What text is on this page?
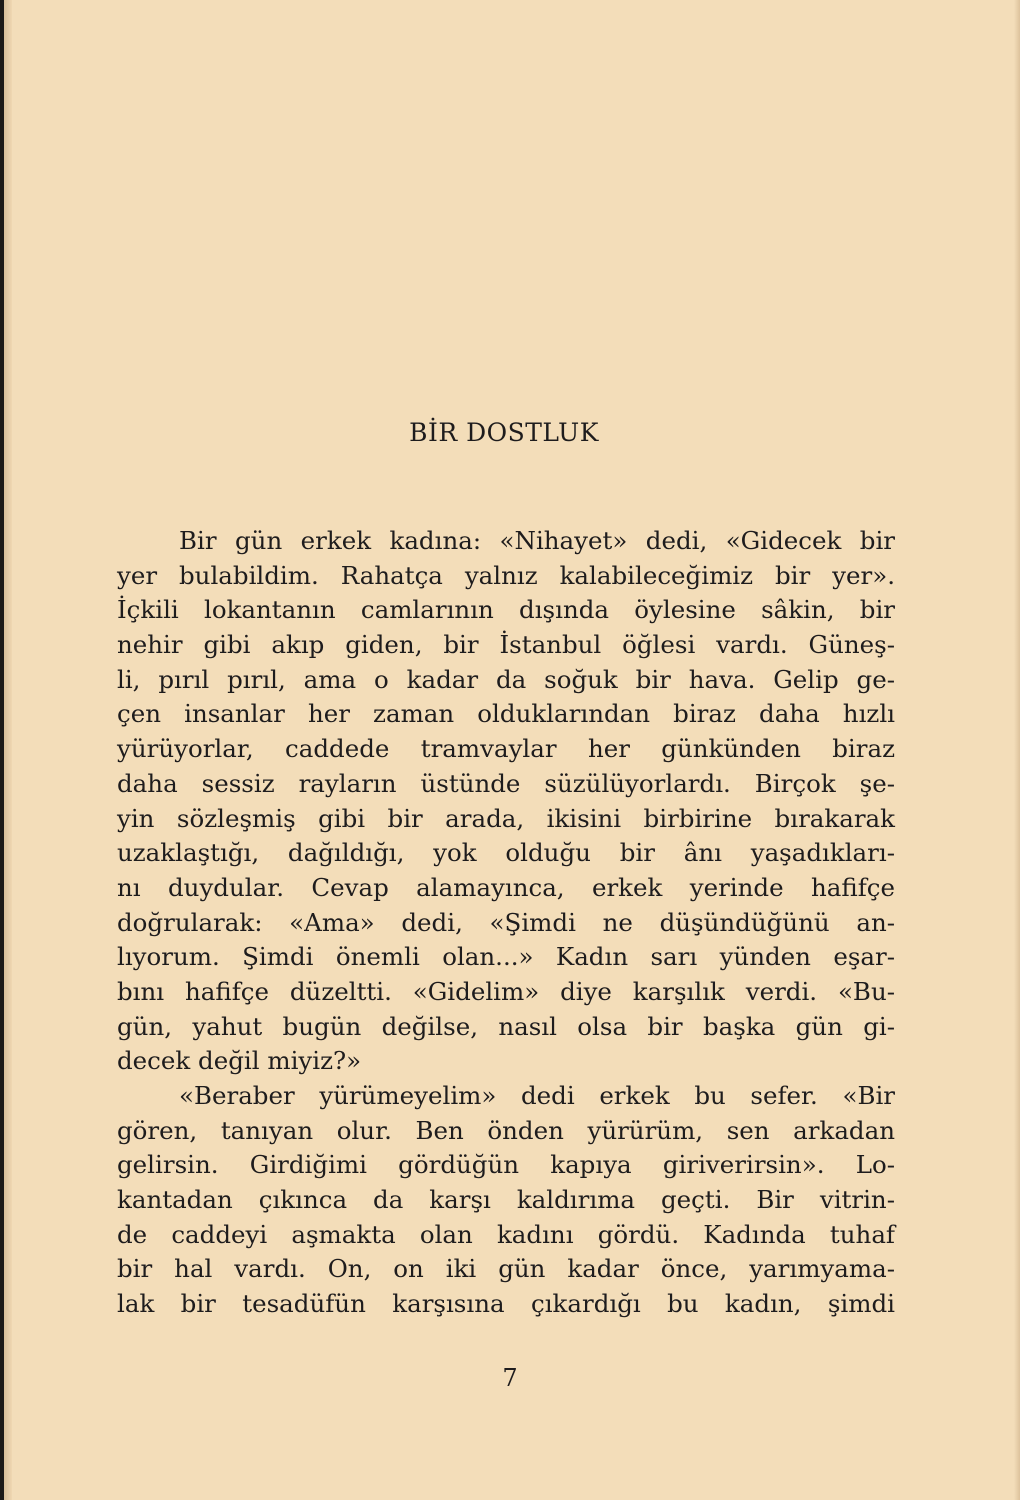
BİR DOSTLUK
Bir gün erkek kadına: «Nihayet» dedi, «Gidecek bir
yer bulabildim. Rahatça yalnız kalabileceğimiz bir yer».
İçkili lokantanın camlarının dışında öylesine sâkin, bir
nehir gibi akıp giden, bir İstanbul öğlesi vardı. Güneş-
li, pırıl pırıl, ama o kadar da soğuk bir hava. Gelip ge-
çen insanlar her zaman olduklarından biraz daha hızlı
yürüyorlar, caddede tramvaylar her günkünden biraz
daha sessiz rayların üstünde süzülüyorlardı. Birçok şe-
yin sözleşmiş gibi bir arada, ikisini birbirine bırakarak
uzaklaştığı, dağıldığı, yok olduğu bir ânı yaşadıkları-
nı duydular. Cevap alamayınca, erkek yerinde hafifçe
doğrularak: «Ama» dedi, «Şimdi ne düşündüğünü an-
lıyorum. Şimdi önemli olan...» Kadın sarı yünden eşar-
bını hafifçe düzeltti. «Gidelim» diye karşılık verdi. «Bu-
gün, yahut bugün değilse, nasıl olsa bir başka gün gi-
decek değil miyiz?»
«Beraber yürümeyelim» dedi erkek bu sefer. «Bir
gören, tanıyan olur. Ben önden yürürüm, sen arkadan
gelirsin. Girdiğimi gördüğün kapıya giriverirsin». Lo-
kantadan çıkınca da karşı kaldırıma geçti. Bir vitrin-
de caddeyi aşmakta olan kadını gördü. Kadında tuhaf
bir hal vardı. On, on iki gün kadar önce, yarımyama-
lak bir tesadüfün karşısına çıkardığı bu kadın, şimdi
7
